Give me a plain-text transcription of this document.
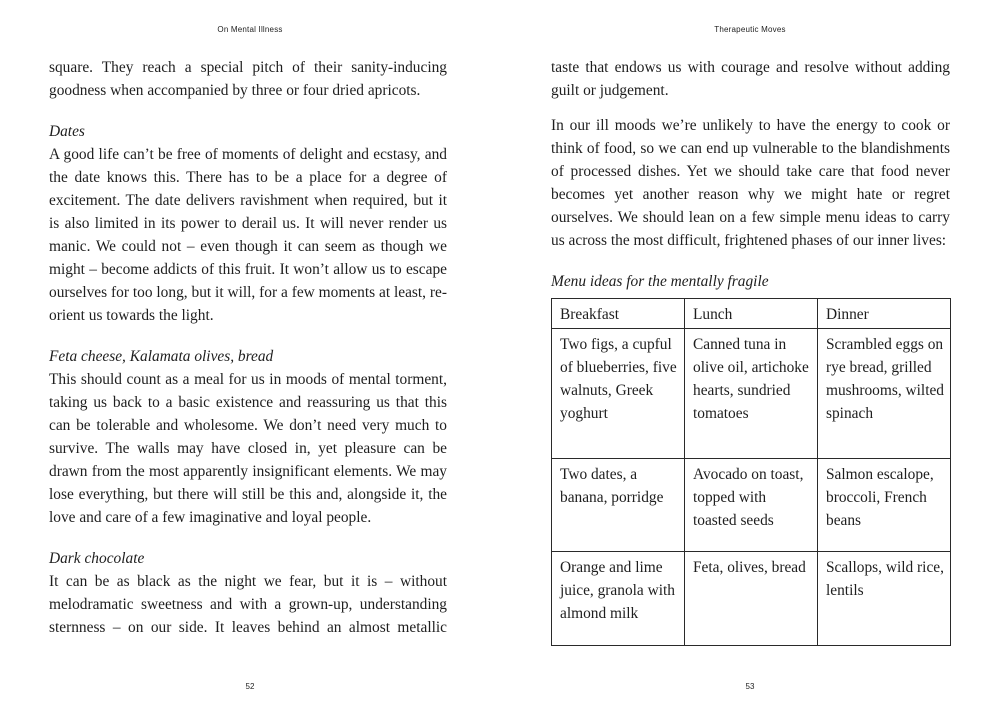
On Mental Illness

square. They reach a special pitch of their sanity-inducing goodness when accompanied by three or four dried apricots.

Dates

A good life can’t be free of moments of delight and ecstasy, and the date knows this. There has to be a place for a degree of excitement. The date delivers ravishment when required, but it is also limited in its power to derail us. It will never render us manic. We could not – even though it can seem as though we might – become addicts of this fruit. It won’t allow us to escape ourselves for too long, but it will, for a few moments at least, re-orient us towards the light.

Feta cheese, Kalamata olives, bread

This should count as a meal for us in moods of mental torment, taking us back to a basic existence and reassuring us that this can be tolerable and wholesome. We don’t need very much to survive. The walls may have closed in, yet pleasure can be drawn from the most apparently insignificant elements. We may lose everything, but there will still be this and, alongside it, the love and care of a few imaginative and loyal people.

Dark chocolate

It can be as black as the night we fear, but it is – without melodramatic sweetness and with a grown-up, understanding sternness – on our side. It leaves behind an almost metallic

52
Therapeutic Moves

taste that endows us with courage and resolve without adding guilt or judgement.

In our ill moods we’re unlikely to have the energy to cook or think of food, so we can end up vulnerable to the blandishments of processed dishes. Yet we should take care that food never becomes yet another reason why we might hate or regret ourselves. We should lean on a few simple menu ideas to carry us across the most difficult, frightened phases of our inner lives:

Menu ideas for the mentally fragile
Breakfast	Lunch	Dinner
Two figs, a cupful of blueberries, five walnuts, Greek yoghurt	Canned tuna in olive oil, artichoke hearts, sundried tomatoes	Scrambled eggs on rye bread, grilled mushrooms, wilted spinach
Two dates, a banana, porridge	Avocado on toast, topped with toasted seeds	Salmon escalope, broccoli, French beans
Orange and lime juice, granola with almond milk	Feta, olives, bread	Scallops, wild rice, lentils
53
